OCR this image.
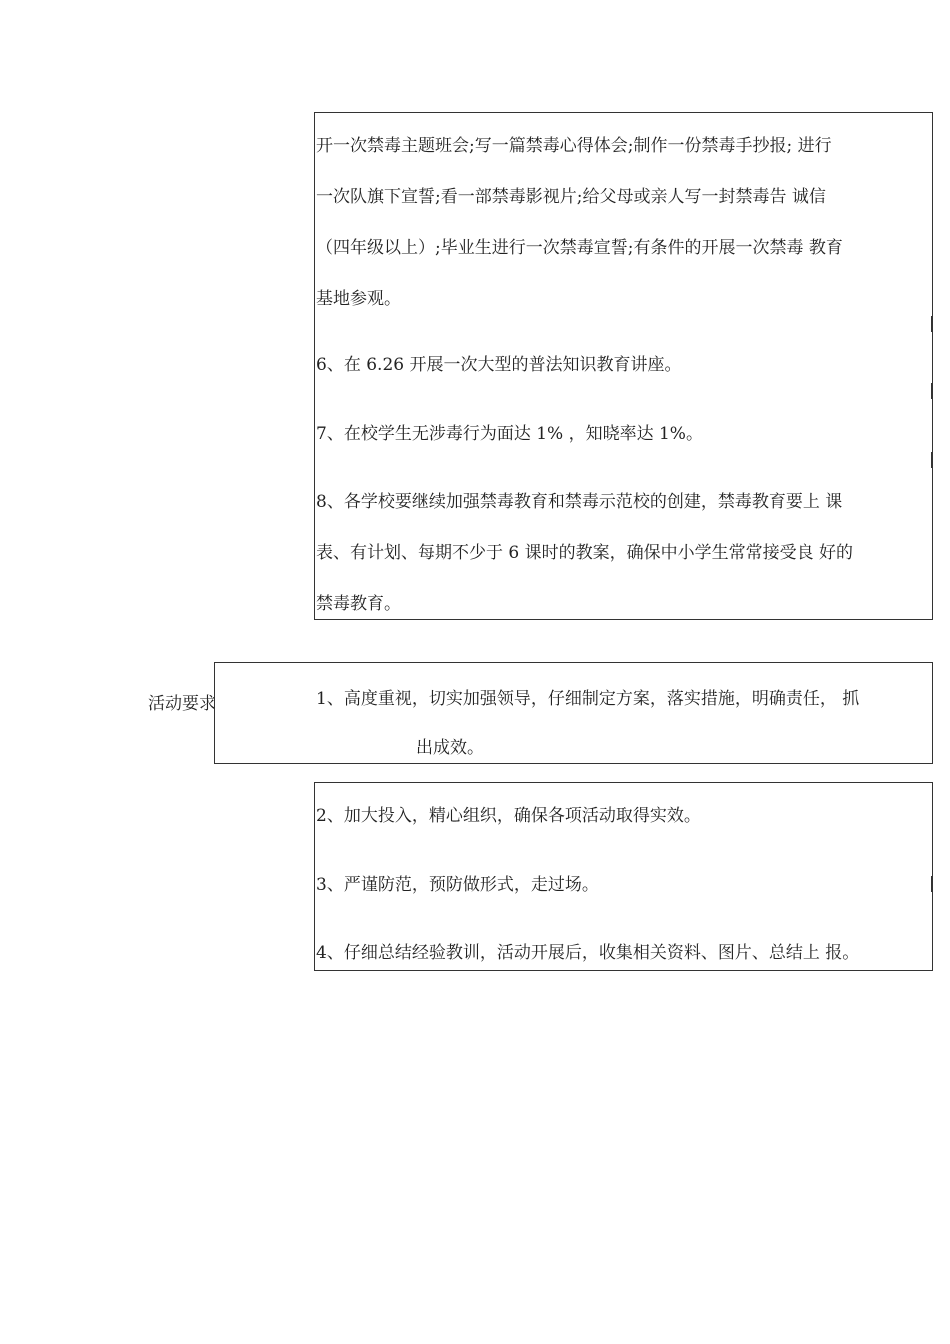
开一次禁毒主题班会;写一篇禁毒心得体会;制作一份禁毒手抄报; 进行
一次队旗下宣誓;看一部禁毒影视片;给父母或亲人写一封禁毒告 诚信
（四年级以上）;毕业生进行一次禁毒宣誓;有条件的开展一次禁毒 教育
基地参观。
6、在 6.26 开展一次大型的普法知识教育讲座。
7、在校学生无涉毒行为面达 1% ，知晓率达 1%。
8、各学校要继续加强禁毒教育和禁毒示范校的创建，禁毒教育要上 课
表、有计划、每期不少于 6 课时的教案，确保中小学生常常接受良 好的
禁毒教育。
活动要求	1、高度重视，切实加强领导，仔细制定方案，落实措施，明确责任， 抓
出成效。
2、加大投入，精心组织，确保各项活动取得实效。
3、严谨防范，预防做形式，走过场。
4、仔细总结经验教训，活动开展后，收集相关资料、图片、总结上 报。
